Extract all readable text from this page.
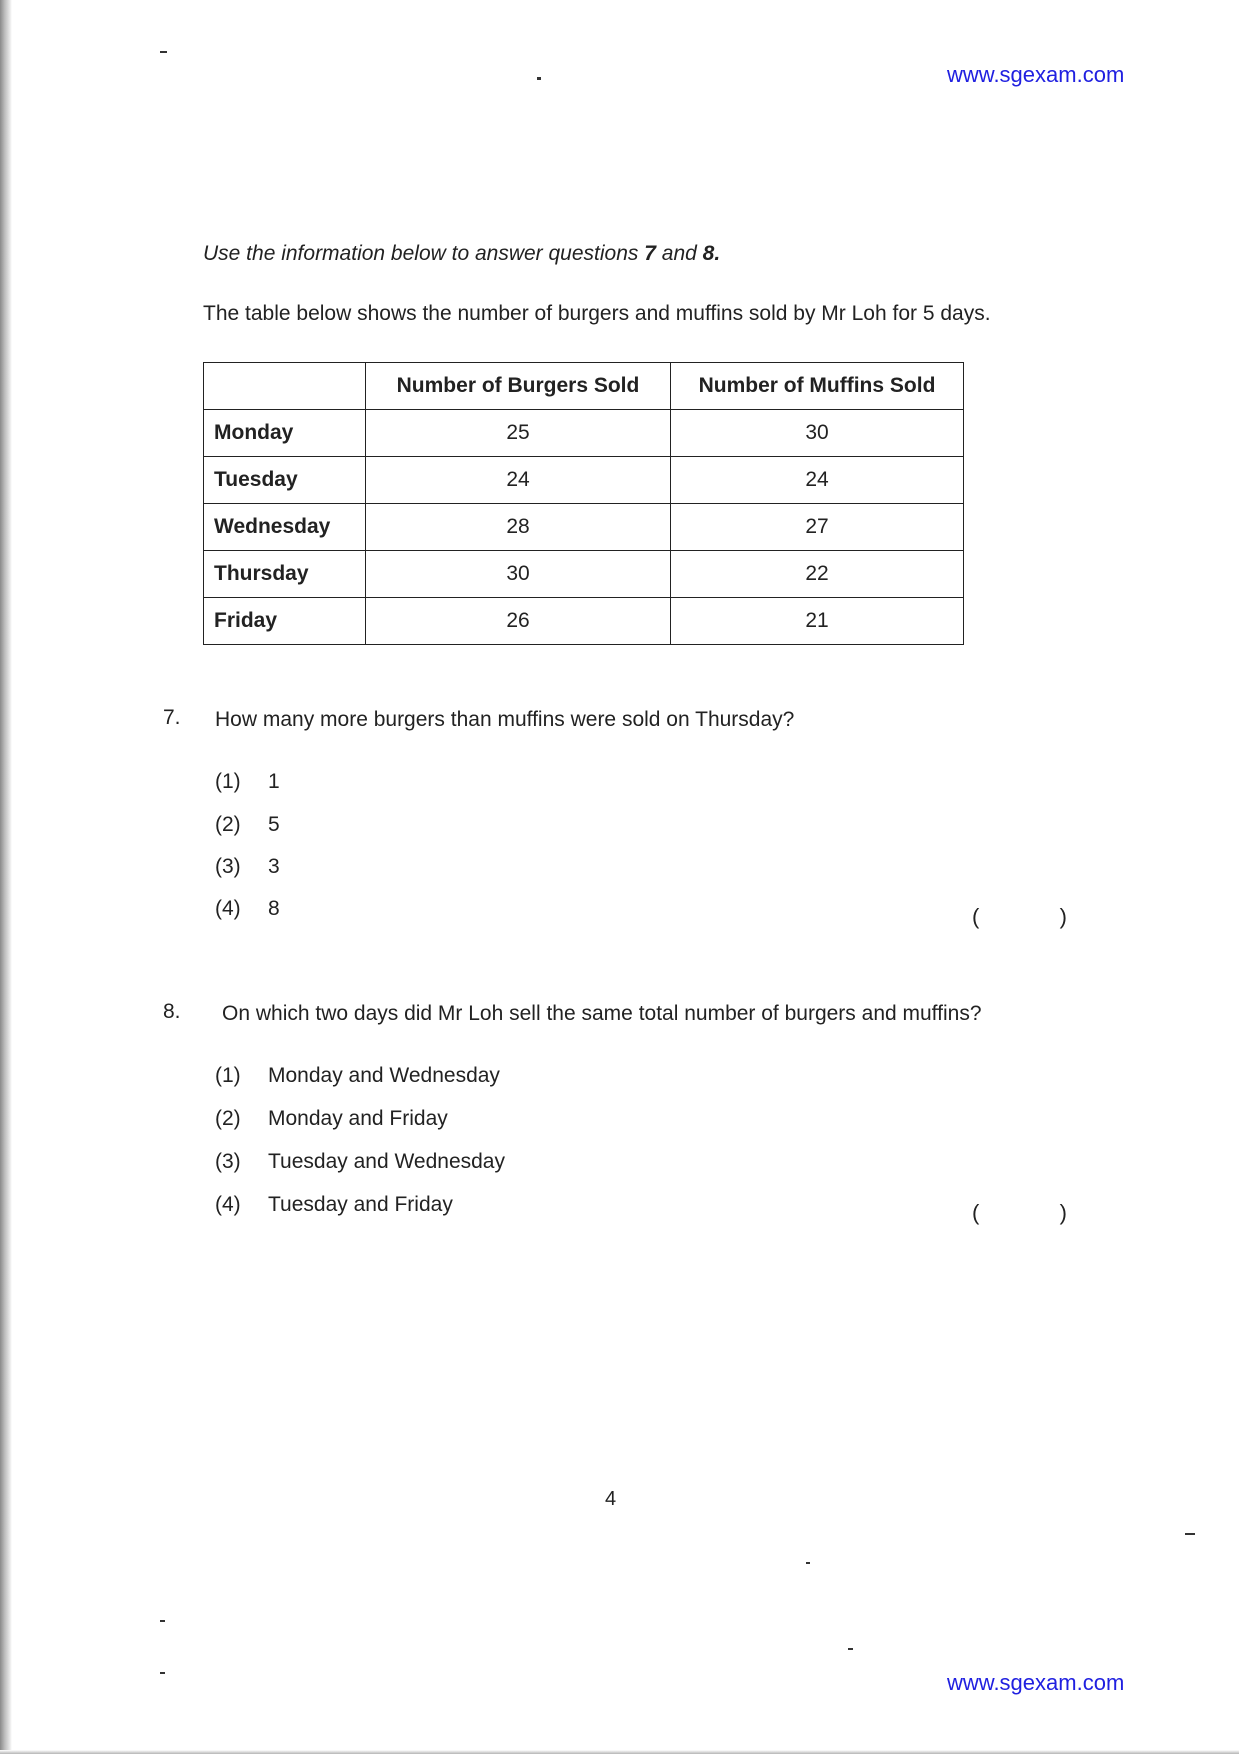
www.sgexam.com
Use the information below to answer questions 7 and 8.
The table below shows the number of burgers and muffins sold by Mr Loh for 5 days.
	Number of Burgers Sold	Number of Muffins Sold
Monday	25	30
Tuesday	24	24
Wednesday	28	27
Thursday	30	22
Friday	26	21
7. How many more burgers than muffins were sold on Thursday?
(1)	1
(2)	5
(3)	3
(4)	8	(	)
8. On which two days did Mr Loh sell the same total number of burgers and muffins?
(1)	Monday and Wednesday
(2)	Monday and Friday
(3)	Tuesday and Wednesday
(4)	Tuesday and Friday	(	)
4
www.sgexam.com
